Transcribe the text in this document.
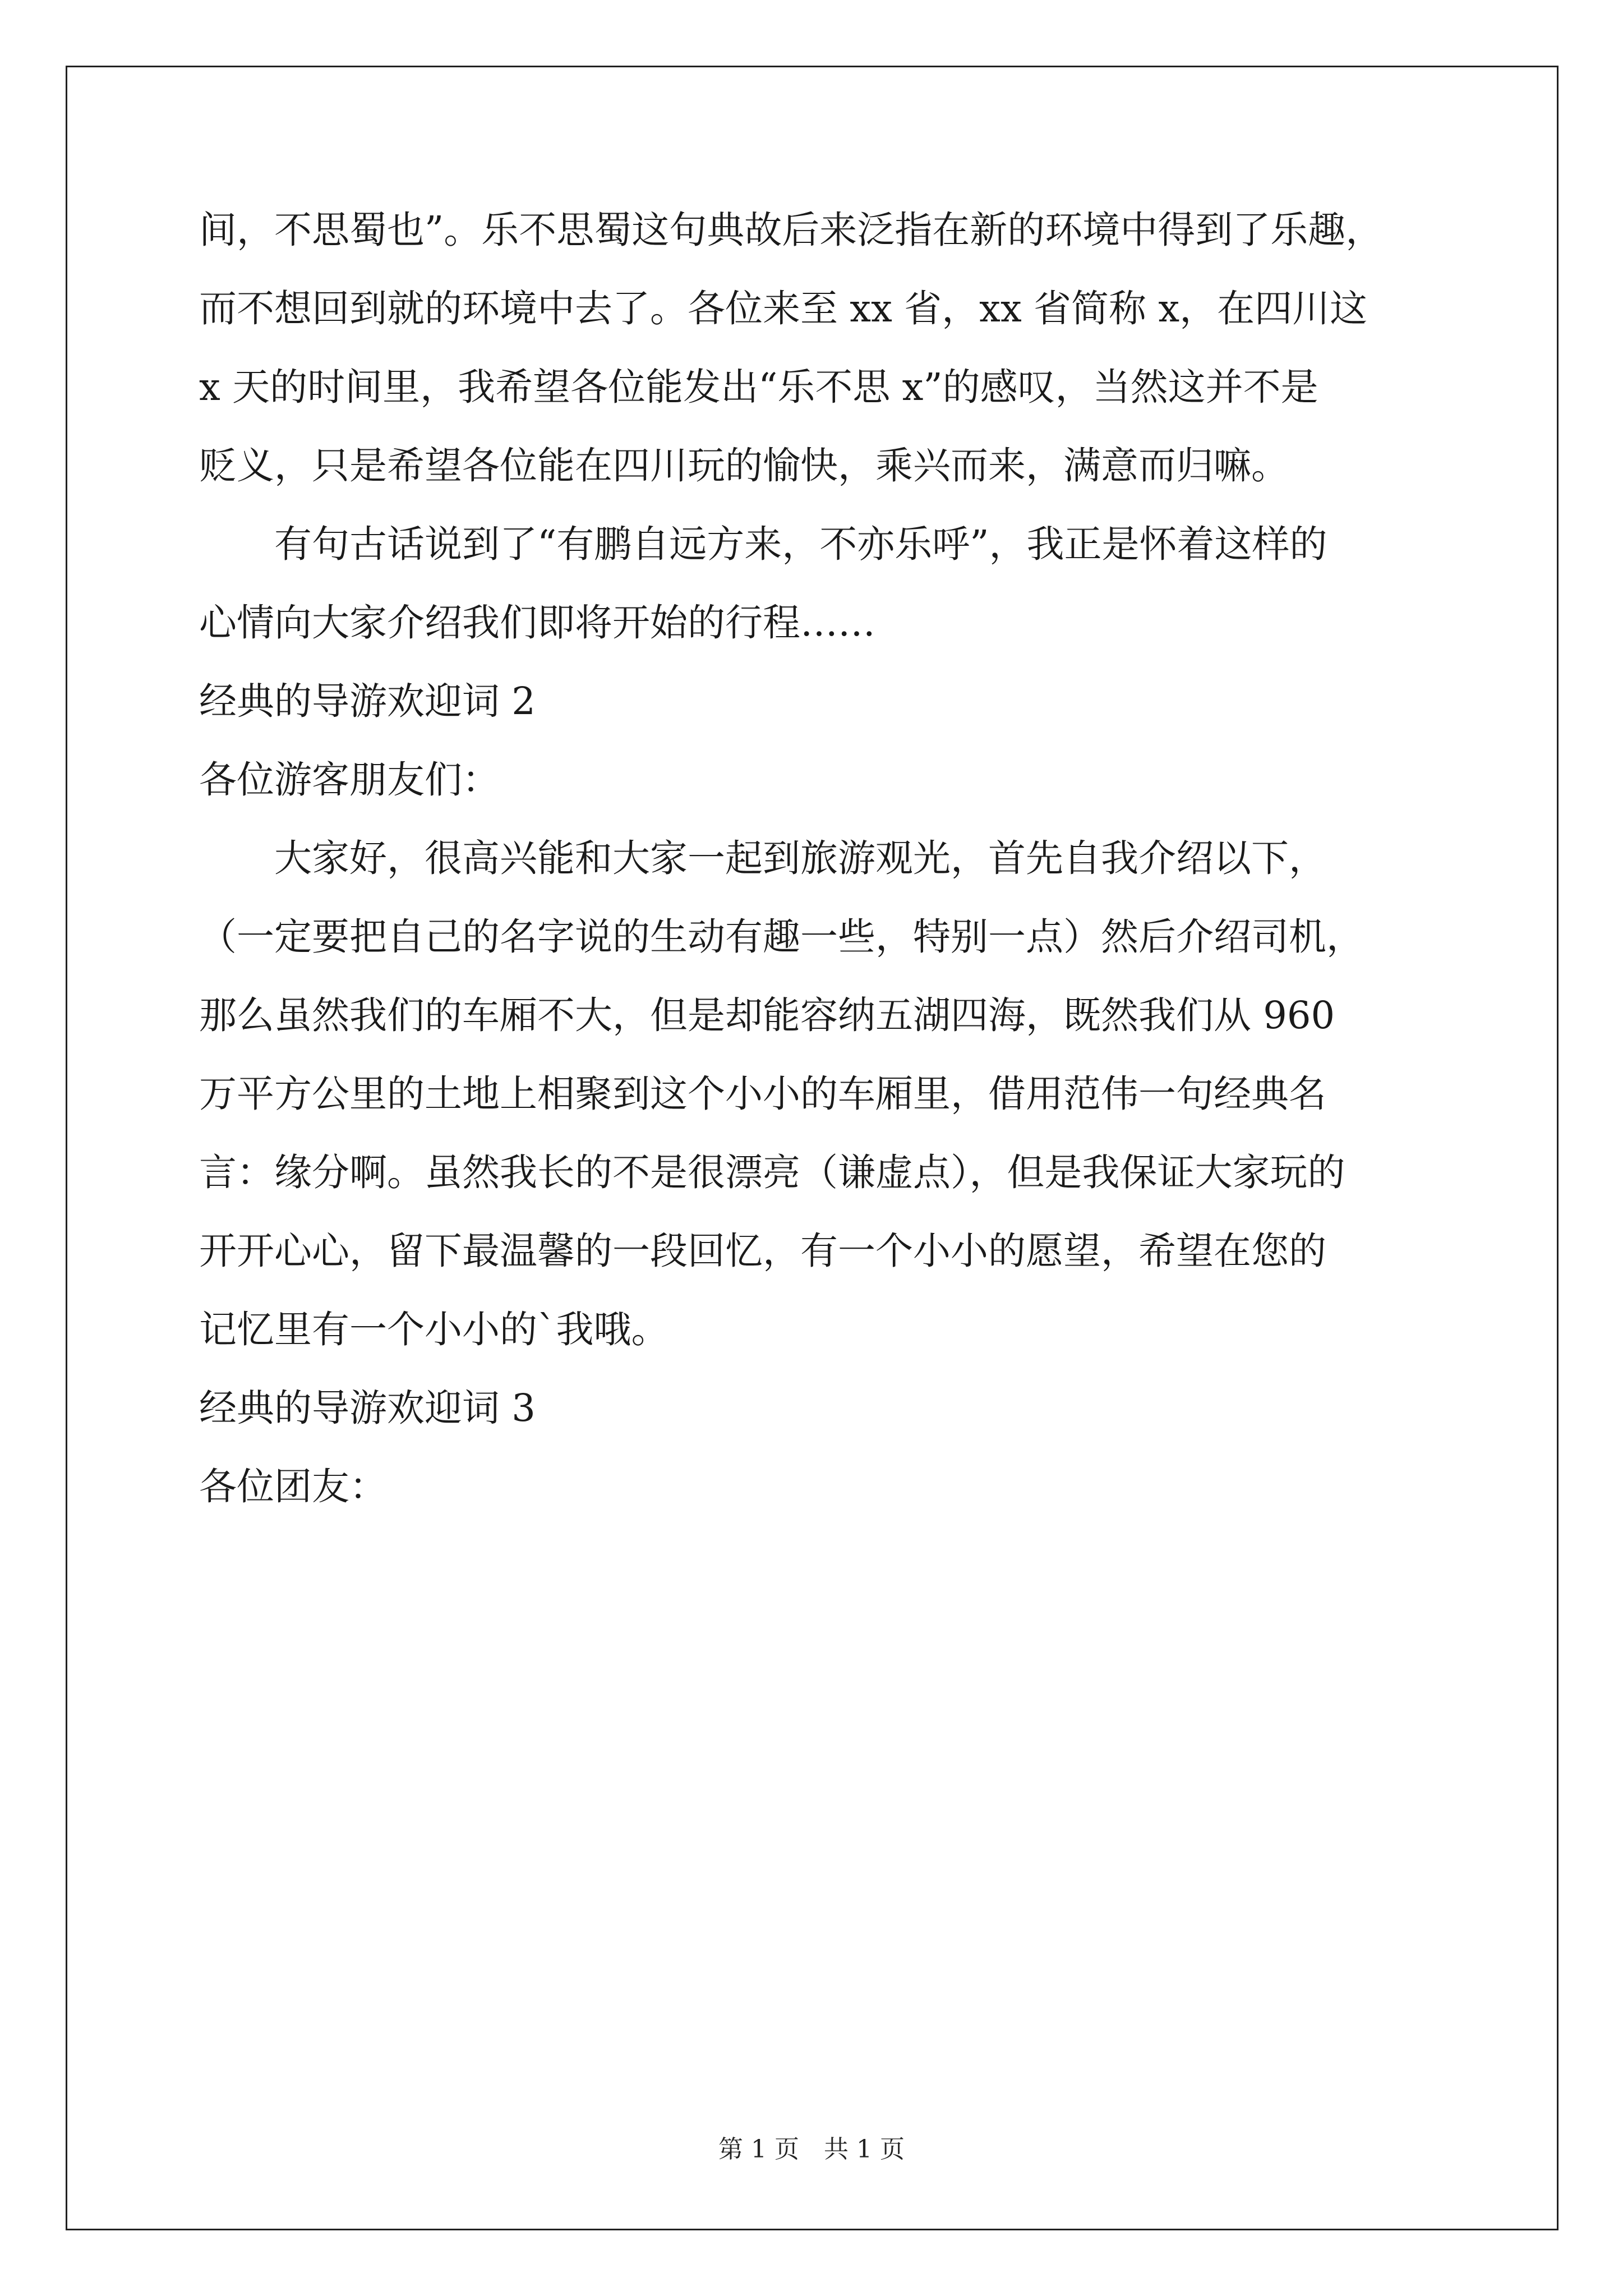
间，不思蜀也”。乐不思蜀这句典故后来泛指在新的环境中得到了乐趣，
而不想回到就的环境中去了。各位来至 xx 省，xx 省简称 x，在四川这
x 天的时间里，我希望各位能发出“乐不思 x”的感叹，当然这并不是
贬义，只是希望各位能在四川玩的愉快，乘兴而来，满意而归嘛。
　　有句古话说到了“有鹏自远方来，不亦乐呼”，我正是怀着这样的
心情向大家介绍我们即将开始的行程……
经典的导游欢迎词 2
各位游客朋友们：
　　大家好，很高兴能和大家一起到旅游观光，首先自我介绍以下，
（一定要把自己的名字说的生动有趣一些，特别一点）然后介绍司机，
那么虽然我们的车厢不大，但是却能容纳五湖四海，既然我们从 960
万平方公里的土地上相聚到这个小小的车厢里，借用范伟一句经典名
言：缘分啊。虽然我长的不是很漂亮（谦虚点），但是我保证大家玩的
开开心心，留下最温馨的一段回忆，有一个小小的愿望，希望在您的
记忆里有一个小小的`我哦。
经典的导游欢迎词 3
各位团友：
第 1 页　共 1 页
